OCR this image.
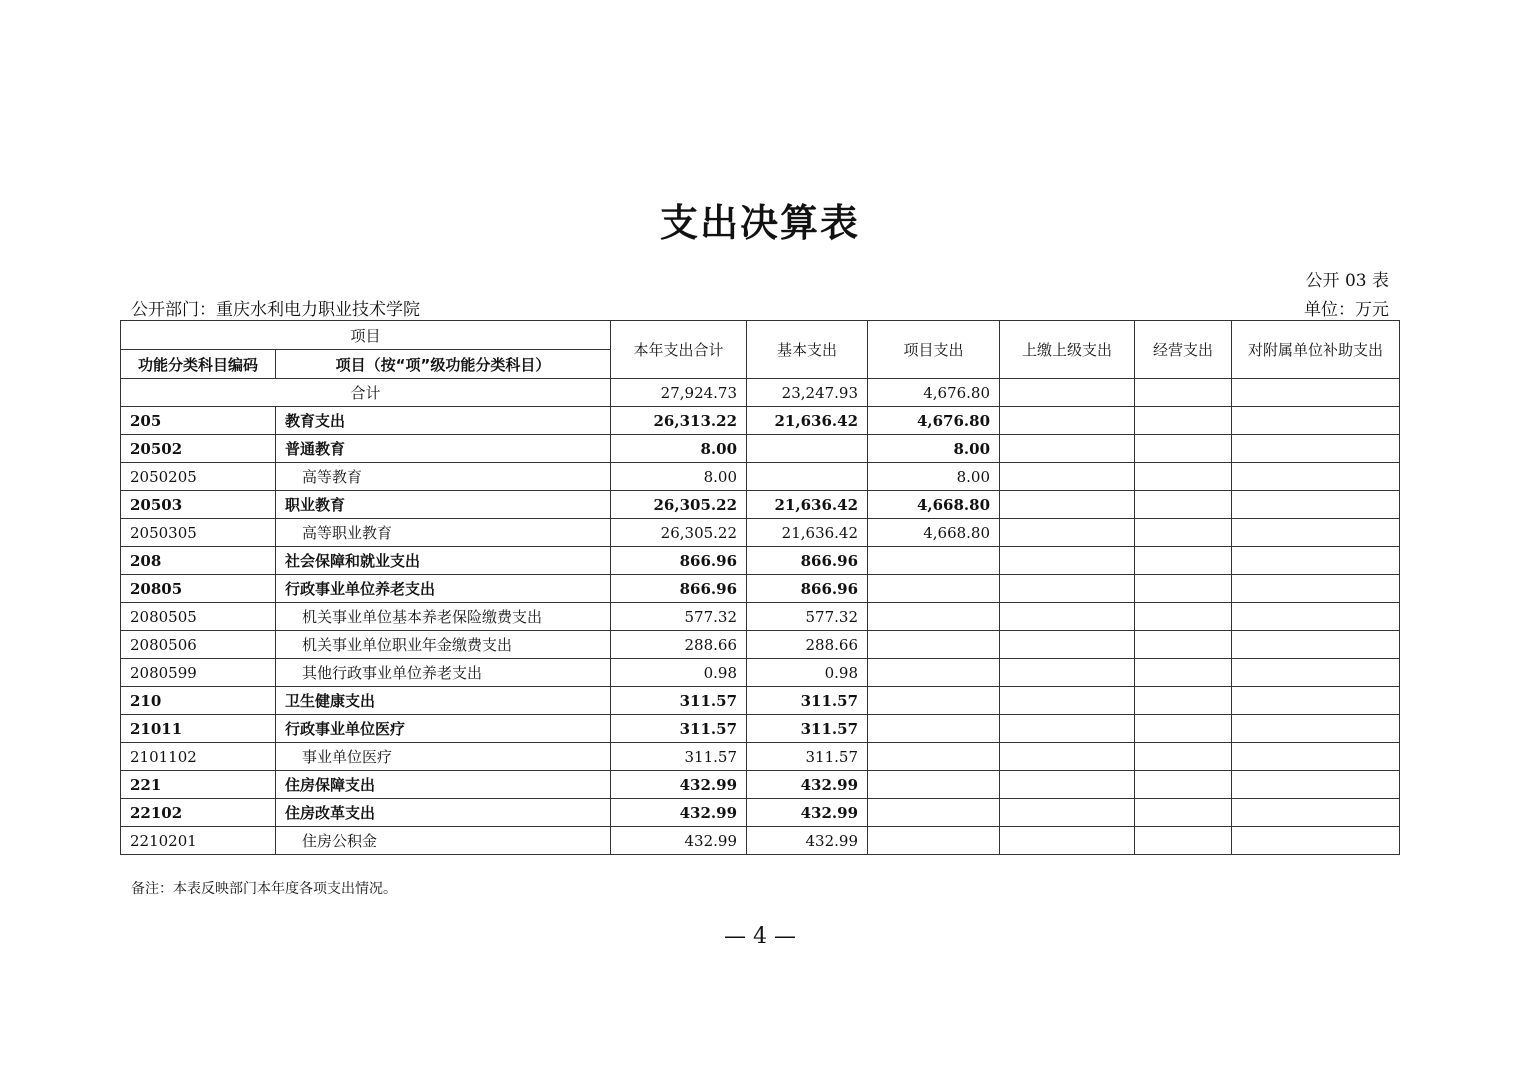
支出决算表
公开 03 表
公开部门：重庆水利电力职业技术学院	单位：万元
项目		本年支出合计	基本支出	项目支出	上缴上级支出	经营支出	对附属单位补助支出
功能分类科目编码	项目（按“项”级功能分类科目）						
合计		27,924.73	23,247.93	4,676.80			
205	教育支出	26,313.22	21,636.42	4,676.80			
20502	普通教育	8.00		8.00			
2050205	高等教育	8.00		8.00			
20503	职业教育	26,305.22	21,636.42	4,668.80			
2050305	高等职业教育	26,305.22	21,636.42	4,668.80			
208	社会保障和就业支出	866.96	866.96				
20805	行政事业单位养老支出	866.96	866.96				
2080505	机关事业单位基本养老保险缴费支出	577.32	577.32				
2080506	机关事业单位职业年金缴费支出	288.66	288.66				
2080599	其他行政事业单位养老支出	0.98	0.98				
210	卫生健康支出	311.57	311.57				
21011	行政事业单位医疗	311.57	311.57				
2101102	事业单位医疗	311.57	311.57				
221	住房保障支出	432.99	432.99				
22102	住房改革支出	432.99	432.99				
2210201	住房公积金	432.99	432.99				
备注：本表反映部门本年度各项支出情况。
— 4 —
